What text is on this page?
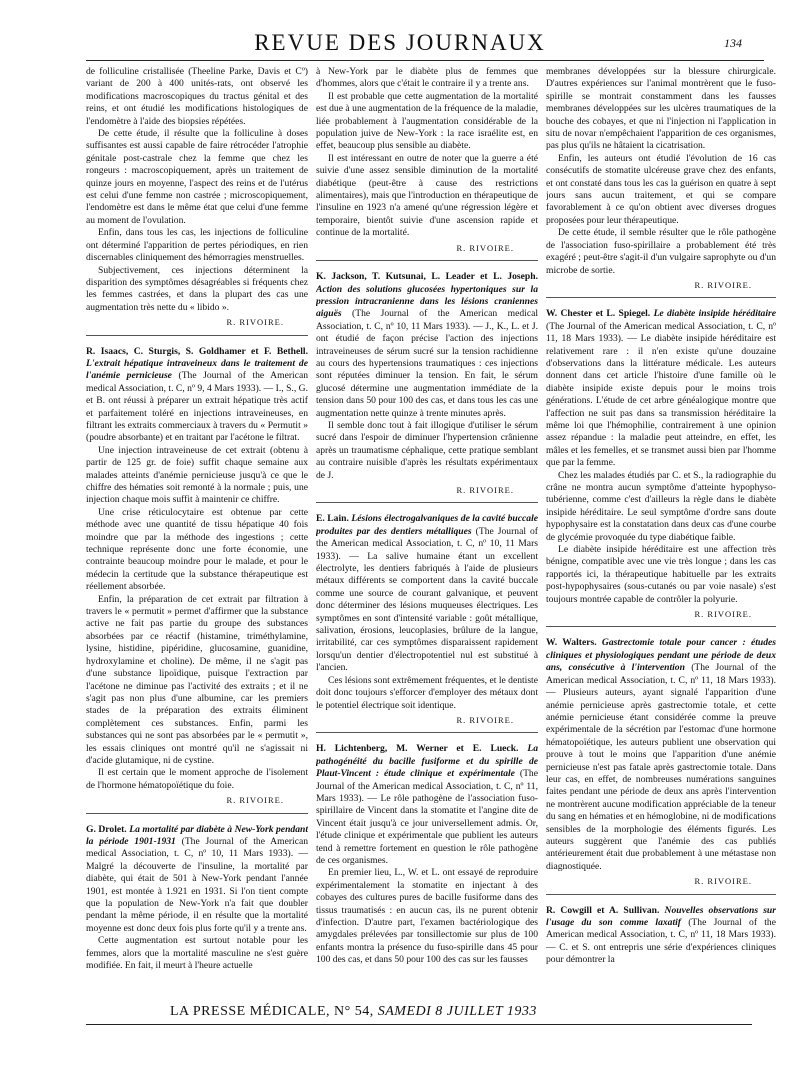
REVUE DES JOURNAUX	134

de folliculine cristallisée (Theeline Parke, Davis et Cº) variant de 200 à 400 unités-rats, ont observé les modifications macroscopiques du tractus génital et des reins, et ont étudié les modifications histologiques de l'endomètre à l'aide des biopsies répétées.

De cette étude, il résulte que la folliculine à doses suffisantes est aussi capable de faire rétrocéder l'atrophie génitale post-castrale chez la femme que chez les rongeurs : macroscopiquement, après un traitement de quinze jours en moyenne, l'aspect des reins et de l'utérus est celui d'une femme non castrée ; microscopiquement, l'endomètre est dans le même état que celui d'une femme au moment de l'ovulation.

Enfin, dans tous les cas, les injections de folliculine ont déterminé l'apparition de pertes périodiques, en rien discernables cliniquement des hémorragies menstruelles.

Subjectivement, ces injections déterminent la disparition des symptômes désagréables si fréquents chez les femmes castrées, et dans la plupart des cas une augmentation très nette du « libido ».

R. RIVOIRE.

R. Isaacs, C. Sturgis, S. Goldhamer et F. Bethell. L'extrait hépatique intraveineux dans le traitement de l'anémie pernicieuse (The Journal of the American medical Association, t. C, nº 9, 4 Mars 1933). — I., S., G. et B. ont réussi à préparer un extrait hépatique très actif et parfaitement toléré en injections intraveineuses, en filtrant les extraits commerciaux à travers du « Permutit » (poudre absorbante) et en traitant par l'acétone le filtrat.

Une injection intraveineuse de cet extrait (obtenu à partir de 125 gr. de foie) suffit chaque semaine aux malades atteints d'anémie pernicieuse jusqu'à ce que le chiffre des hématies soit remonté à la normale ; puis, une injection chaque mois suffit à maintenir ce chiffre.

Une crise réticulocytaire est obtenue par cette méthode avec une quantité de tissu hépatique 40 fois moindre que par la méthode des ingestions ; cette technique représente donc une forte économie, une contrainte beaucoup moindre pour le malade, et pour le médecin la certitude que la substance thérapeutique est réellement absorbée.

Enfin, la préparation de cet extrait par filtration à travers le « permutit » permet d'affirmer que la substance active ne fait pas partie du groupe des substances absorbées par ce réactif (histamine, triméthylamine, lysine, histidine, pipéridine, glucosamine, guanidine, hydroxylamine et choline). De même, il ne s'agit pas d'une substance lipoïdique, puisque l'extraction par l'acétone ne diminue pas l'activité des extraits ; et il ne s'agit pas non plus d'une albumine, car les premiers stades de la préparation des extraits éliminent complètement ces substances. Enfin, parmi les substances qui ne sont pas absorbées par le « permutit », les essais cliniques ont montré qu'il ne s'agissait ni d'acide glutamique, ni de cystine.

Il est certain que le moment approche de l'isolement de l'hormone hématopoïétique du foie.

R. RIVOIRE.

G. Drolet. La mortalité par diabète à New-York pendant la période 1901-1931 (The Journal of the American medical Association, t. C, nº 10, 11 Mars 1933). — Malgré la découverte de l'insuline, la mortalité par diabète, qui était de 501 à New-York pendant l'année 1901, est montée à 1.921 en 1931. Si l'on tient compte que la population de New-York n'a fait que doubler pendant la même période, il en résulte que la mortalité moyenne est donc deux fois plus forte qu'il y a trente ans.

Cette augmentation est surtout notable pour les femmes, alors que la mortalité masculine ne s'est guère modifiée. En fait, il meurt à l'heure actuelle

à New-York par le diabète plus de femmes que d'hommes, alors que c'était le contraire il y a trente ans.

Il est probable que cette augmentation de la mortalité est due à une augmentation de la fréquence de la maladie, liée probablement à l'augmentation considérable de la population juive de New-York : la race israélite est, en effet, beaucoup plus sensible au diabète.

Il est intéressant en outre de noter que la guerre a été suivie d'une assez sensible diminution de la mortalité diabétique (peut-être à cause des restrictions alimentaires), mais que l'introduction en thérapeutique de l'insuline en 1923 n'a amené qu'une régression légère et temporaire, bientôt suivie d'une ascension rapide et continue de la mortalité.

R. RIVOIRE.

K. Jackson, T. Kutsunai, L. Leader et L. Joseph. Action des solutions glucosées hypertoniques sur la pression intracranienne dans les lésions craniennes aiguës (The Journal of the American medical Association, t. C, nº 10, 11 Mars 1933). — J., K., L. et J. ont étudié de façon précise l'action des injections intraveineuses de sérum sucré sur la tension rachidienne au cours des hypertensions traumatiques : ces injections sont réputées diminuer la tension. En fait, le sérum glucosé détermine une augmentation immédiate de la tension dans 50 pour 100 des cas, et dans tous les cas une augmentation nette quinze à trente minutes après.

Il semble donc tout à fait illogique d'utiliser le sérum sucré dans l'espoir de diminuer l'hypertension crânienne après un traumatisme céphalique, cette pratique semblant au contraire nuisible d'après les résultats expérimentaux de J.

R. RIVOIRE.

E. Lain. Lésions électrogalvaniques de la cavité buccale produites par des dentiers métalliques (The Journal of the American medical Association, t. C, nº 10, 11 Mars 1933). — La salive humaine étant un excellent électrolyte, les dentiers fabriqués à l'aide de plusieurs métaux différents se comportent dans la cavité buccale comme une source de courant galvanique, et peuvent donc déterminer des lésions muqueuses électriques. Les symptômes en sont d'intensité variable : goût métallique, salivation, érosions, leucoplasies, brûlure de la langue, irritabilité, car ces symptômes disparaissent rapidement lorsqu'un dentier d'électropotentiel nul est substitué à l'ancien.

Ces lésions sont extrêmement fréquentes, et le dentiste doit donc toujours s'efforcer d'employer des métaux dont le potentiel électrique soit identique.

R. RIVOIRE.

H. Lichtenberg, M. Werner et E. Lueck. La pathogénéité du bacille fusiforme et du spirille de Plaut-Vincent : étude clinique et expérimentale (The Journal of the American medical Association, t. C, nº 11, Mars 1933). — Le rôle pathogène de l'association fuso-spirillaire de Vincent dans la stomatite et l'angine dite de Vincent était jusqu'à ce jour universellement admis. Or, l'étude clinique et expérimentale que publient les auteurs tend à remettre fortement en question le rôle pathogène de ces organismes.

En premier lieu, L., W. et L. ont essayé de reproduire expérimentalement la stomatite en injectant à des cobayes des cultures pures de bacille fusiforme dans des tissus traumatisés : en aucun cas, ils ne purent obtenir d'infection. D'autre part, l'examen bactériologique des amygdales prélevées par tonsillectomie sur plus de 100 enfants montra la présence du fuso-spirille dans 45 pour 100 des cas, et dans 50 pour 100 des cas sur les fausses

membranes développées sur la blessure chirurgicale. D'autres expériences sur l'animal montrèrent que le fuso-spirille se montrait constamment dans les fausses membranes développées sur les ulcères traumatiques de la bouche des cobayes, et que ni l'injection ni l'application in situ de novar n'empêchaient l'apparition de ces organismes, pas plus qu'ils ne hâtaient la cicatrisation.

Enfin, les auteurs ont étudié l'évolution de 16 cas consécutifs de stomatite ulcéreuse grave chez des enfants, et ont constaté dans tous les cas la guérison en quatre à sept jours sans aucun traitement, et qui se compare favorablement à ce qu'on obtient avec diverses drogues proposées pour leur thérapeutique.

De cette étude, il semble résulter que le rôle pathogène de l'association fuso-spirillaire a probablement été très exagéré ; peut-être s'agit-il d'un vulgaire saprophyte ou d'un microbe de sortie.

R. RIVOIRE.

W. Chester et L. Spiegel. Le diabète insipide héréditaire (The Journal of the American medical Association, t. C, nº 11, 18 Mars 1933). — Le diabète insipide héréditaire est relativement rare : il n'en existe qu'une douzaine d'observations dans la littérature médicale. Les auteurs donnent dans cet article l'histoire d'une famille où le diabète insipide existe depuis pour le moins trois générations. L'étude de cet arbre généalogique montre que l'affection ne suit pas dans sa transmission héréditaire la même loi que l'hémophilie, contrairement à une opinion assez répandue : la maladie peut atteindre, en effet, les mâles et les femelles, et se transmet aussi bien par l'homme que par la femme.

Chez les malades étudiés par C. et S., la radiographie du crâne ne montra aucun symptôme d'atteinte hypophyso-tubérienne, comme c'est d'ailleurs la règle dans le diabète insipide héréditaire. Le seul symptôme d'ordre sans doute hypophysaire est la constatation dans deux cas d'une courbe de glycémie provoquée du type diabétique faible.

Le diabète insipide héréditaire est une affection très bénigne, compatible avec une vie très longue ; dans les cas rapportés ici, la thérapeutique habituelle par les extraits post-hypophysaires (sous-cutanés ou par voie nasale) s'est toujours montrée capable de contrôler la polyurie.

R. RIVOIRE.

W. Walters. Gastrectomie totale pour cancer : études cliniques et physiologiques pendant une période de deux ans, consécutive à l'intervention (The Journal of the American medical Association, t. C, nº 11, 18 Mars 1933). — Plusieurs auteurs, ayant signalé l'apparition d'une anémie pernicieuse après gastrectomie totale, et cette anémie pernicieuse étant considérée comme la preuve expérimentale de la sécrétion par l'estomac d'une hormone hématopoïétique, les auteurs publient une observation qui prouve à tout le moins que l'apparition d'une anémie pernicieuse n'est pas fatale après gastrectomie totale. Dans leur cas, en effet, de nombreuses numérations sanguines faites pendant une période de deux ans après l'intervention ne montrèrent aucune modification appréciable de la teneur du sang en hématies et en hémoglobine, ni de modifications sensibles de la morphologie des éléments figurés. Les auteurs suggèrent que l'anémie des cas publiés antérieurement était due probablement à une métastase non diagnostiquée.

R. RIVOIRE.

R. Cowgill et A. Sullivan. Nouvelles observations sur l'usage du son comme laxatif (The Journal of the American medical Association, t. C, nº 11, 18 Mars 1933). — C. et S. ont entrepris une série d'expériences cliniques pour démontrer la

LA PRESSE MÉDICALE, N° 54, SAMEDI 8 JUILLET 1933
